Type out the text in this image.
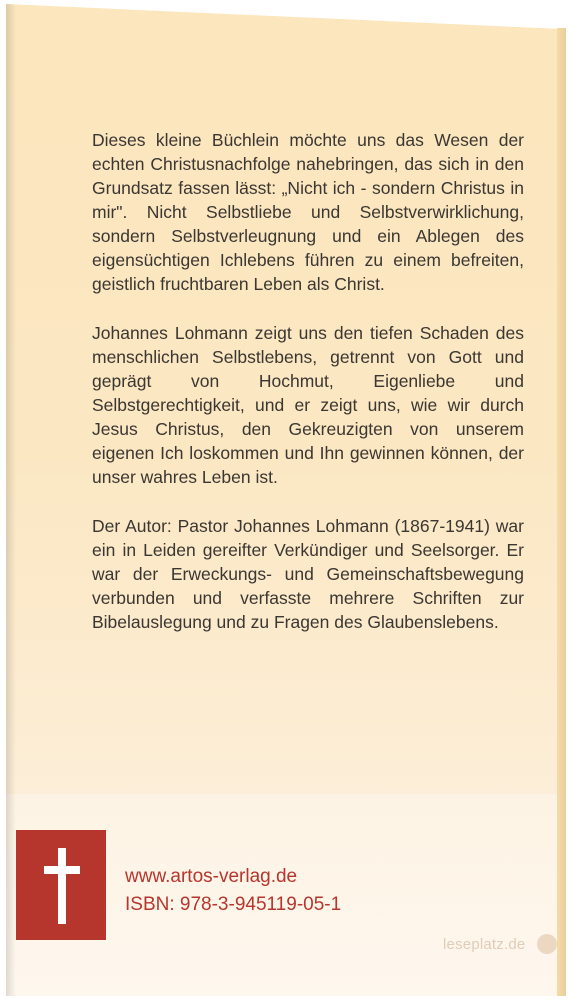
Dieses kleine Büchlein möchte uns das Wesen der echten Christusnachfolge nahebringen, das sich in den Grundsatz fassen lässt: „Nicht ich - sondern Christus in mir". Nicht Selbstliebe und Selbstverwirklichung, sondern Selbstverleugnung und ein Ablegen des eigensüchtigen Ichlebens führen zu einem befreiten, geistlich fruchtbaren Leben als Christ.

Johannes Lohmann zeigt uns den tiefen Schaden des menschlichen Selbstlebens, getrennt von Gott und geprägt von Hochmut, Eigenliebe und Selbstgerechtigkeit, und er zeigt uns, wie wir durch Jesus Christus, den Gekreuzigten von unserem eigenen Ich loskommen und Ihn gewinnen können, der unser wahres Leben ist.

Der Autor: Pastor Johannes Lohmann (1867-1941) war ein in Leiden gereifter Verkündiger und Seelsorger. Er war der Erweckungs- und Gemeinschaftsbewegung verbunden und verfasste mehrere Schriften zur Bibelauslegung und zu Fragen des Glaubenslebens.

www.artos-verlag.de
ISBN: 978-3-945119-05-1
leseplatz.de
